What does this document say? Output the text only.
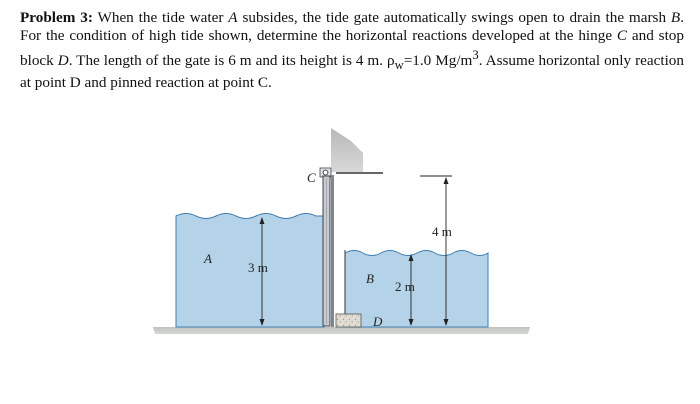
Problem 3: When the tide water A subsides, the tide gate automatically swings open to drain the marsh B. For the condition of high tide shown, determine the horizontal reactions developed at the hinge C and stop block D. The length of the gate is 6 m and its height is 4 m. $\rho_w=1.0$ $Mg/m^3$. Assume horizontal only reaction at point D and pinned reaction at point C.
C
A
3 m
B
2 m
4 m
D
